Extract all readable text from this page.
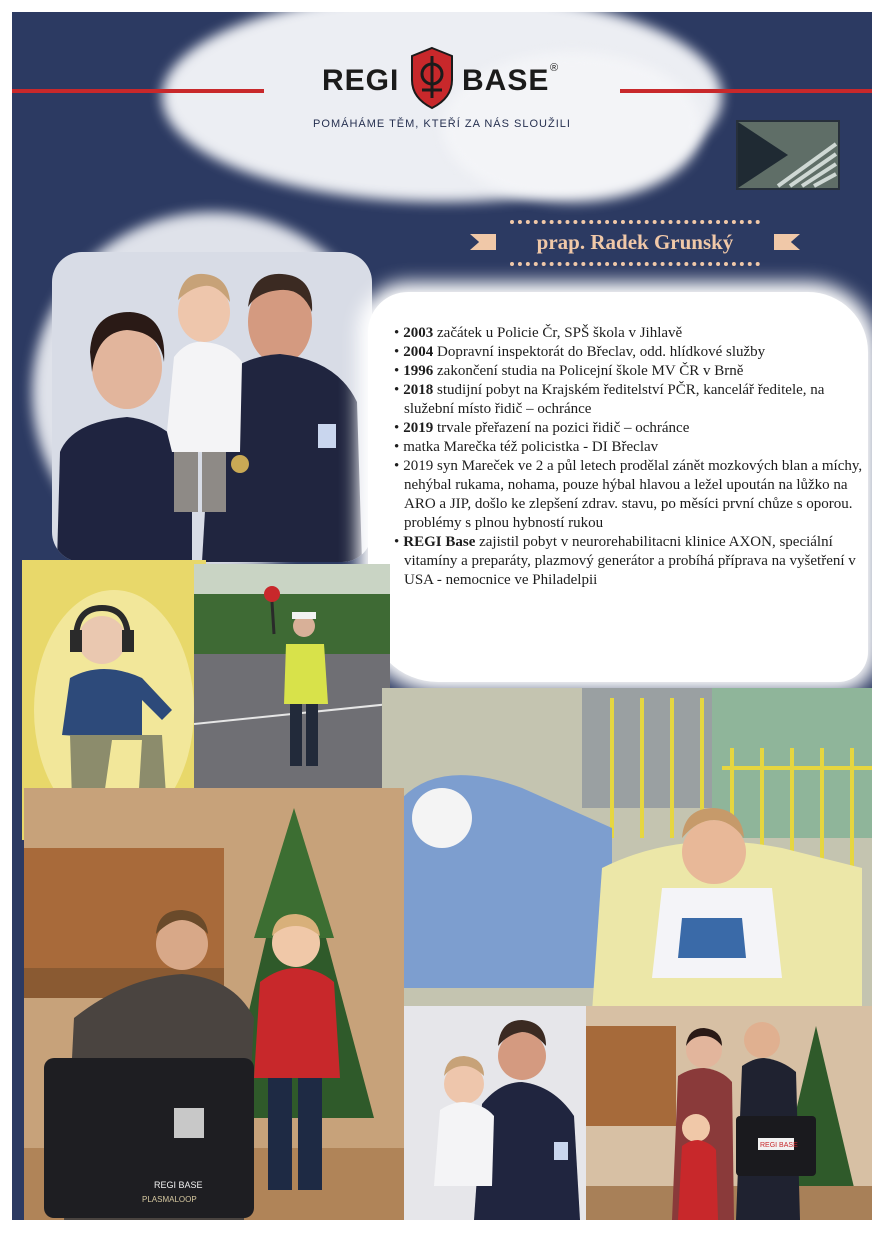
prap. Radek Grunský
REGI BASE ®
POMÁHÁME TĚM, KTEŘÍ ZA NÁS SLOUŽILI
• 2003 začátek u Policie Čr, SPŠ škola v Jihlavě
• 2004 Dopravní inspektorát do Břeclav, odd. hlídkové služby
• 1996 zakončení studia na Policejní škole MV ČR v Brně
• 2018 studijní pobyt na Krajském ředitelství PČR, kancelář ředitele, na služební místo řidič – ochránce
• 2019 trvale přeřazení na pozici řidič – ochránce
• matka Marečka též policistka - DI Břeclav
• 2019 syn Mareček ve 2 a půl letech prodělal zánět mozkových blan a míchy, nehýbal rukama, nohama, pouze hýbal hlavou a ležel upoután na lůžko na ARO a JIP, došlo ke zlepšení zdrav. stavu, po měsíci první chůze s oporou. problémy s plnou hybností rukou
• REGI Base zajistil pobyt v neurorehabilitacni klinice AXON, speciální vitamíny a preparáty, plazmový generátor a probíhá příprava na vyšetření v USA - nemocnice ve Philadelpii
REGI BASE
PLASMALOOP
REGI BASE
